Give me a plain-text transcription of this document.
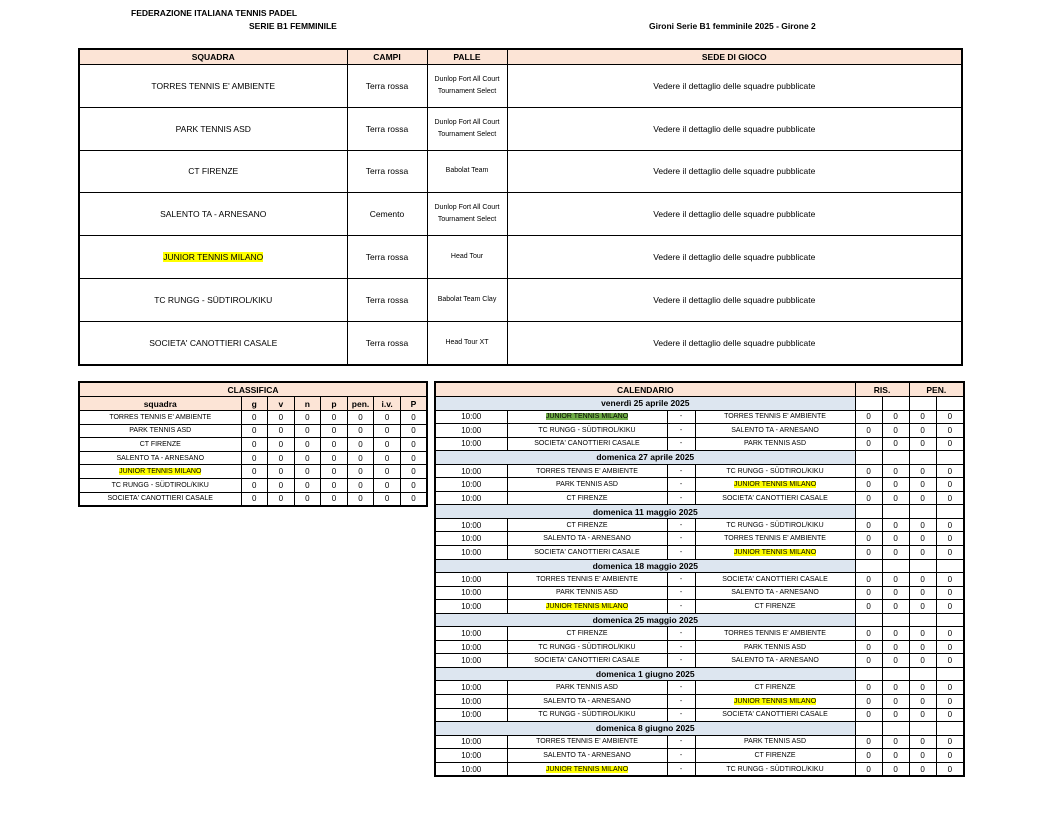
FEDERAZIONE ITALIANA TENNIS PADEL
SERIE B1 FEMMINILE	Gironi Serie B1 femminile 2025 - Girone 2
SQUADRA	CAMPI	PALLE	SEDE DI GIOCO
TORRES TENNIS E' AMBIENTE	Terra rossa	Dunlop Fort All Court Tournament Select	Vedere il dettaglio delle squadre pubblicate
PARK TENNIS ASD	Terra rossa	Dunlop Fort All Court Tournament Select	Vedere il dettaglio delle squadre pubblicate
CT FIRENZE	Terra rossa	Babolat Team	Vedere il dettaglio delle squadre pubblicate
SALENTO TA - ARNESANO	Cemento	Dunlop Fort All Court Tournament Select	Vedere il dettaglio delle squadre pubblicate
JUNIOR TENNIS MILANO	Terra rossa	Head Tour	Vedere il dettaglio delle squadre pubblicate
TC RUNGG - SÜDTIROL/KIKU	Terra rossa	Babolat Team Clay	Vedere il dettaglio delle squadre pubblicate
SOCIETA' CANOTTIERI CASALE	Terra rossa	Head Tour XT	Vedere il dettaglio delle squadre pubblicate
CLASSIFICA							
squadra	g	v	n	p	pen.	i.v.	P
TORRES TENNIS E' AMBIENTE	0	0	0	0	0	0	0
PARK TENNIS ASD	0	0	0	0	0	0	0
CT FIRENZE	0	0	0	0	0	0	0
SALENTO TA - ARNESANO	0	0	0	0	0	0	0
JUNIOR TENNIS MILANO	0	0	0	0	0	0	0
TC RUNGG - SÜDTIROL/KIKU	0	0	0	0	0	0	0
SOCIETA' CANOTTIERI CASALE	0	0	0	0	0	0	0
CALENDARIO				RIS.		PEN.	
venerdì 25 aprile 2025							
10:00	JUNIOR TENNIS MILANO	-	TORRES TENNIS E' AMBIENTE	0	0	0	0
10:00	TC RUNGG - SÜDTIROL/KIKU	-	SALENTO TA - ARNESANO	0	0	0	0
10:00	SOCIETA' CANOTTIERI CASALE	-	PARK TENNIS ASD	0	0	0	0
domenica 27 aprile 2025							
10:00	TORRES TENNIS E' AMBIENTE	-	TC RUNGG - SÜDTIROL/KIKU	0	0	0	0
10:00	PARK TENNIS ASD	-	JUNIOR TENNIS MILANO	0	0	0	0
10:00	CT FIRENZE	-	SOCIETA' CANOTTIERI CASALE	0	0	0	0
domenica 11 maggio 2025							
10:00	CT FIRENZE	-	TC RUNGG - SÜDTIROL/KIKU	0	0	0	0
10:00	SALENTO TA - ARNESANO	-	TORRES TENNIS E' AMBIENTE	0	0	0	0
10:00	SOCIETA' CANOTTIERI CASALE	-	JUNIOR TENNIS MILANO	0	0	0	0
domenica 18 maggio 2025							
10:00	TORRES TENNIS E' AMBIENTE	-	SOCIETA' CANOTTIERI CASALE	0	0	0	0
10:00	PARK TENNIS ASD	-	SALENTO TA - ARNESANO	0	0	0	0
10:00	JUNIOR TENNIS MILANO	-	CT FIRENZE	0	0	0	0
domenica 25 maggio 2025							
10:00	CT FIRENZE	-	TORRES TENNIS E' AMBIENTE	0	0	0	0
10:00	TC RUNGG - SÜDTIROL/KIKU	-	PARK TENNIS ASD	0	0	0	0
10:00	SOCIETA' CANOTTIERI CASALE	-	SALENTO TA - ARNESANO	0	0	0	0
domenica 1 giugno 2025							
10:00	PARK TENNIS ASD	-	CT FIRENZE	0	0	0	0
10:00	SALENTO TA - ARNESANO	-	JUNIOR TENNIS MILANO	0	0	0	0
10:00	TC RUNGG - SÜDTIROL/KIKU	-	SOCIETA' CANOTTIERI CASALE	0	0	0	0
domenica 8 giugno 2025							
10:00	TORRES TENNIS E' AMBIENTE	-	PARK TENNIS ASD	0	0	0	0
10:00	SALENTO TA - ARNESANO	-	CT FIRENZE	0	0	0	0
10:00	JUNIOR TENNIS MILANO	-	TC RUNGG - SÜDTIROL/KIKU	0	0	0	0
